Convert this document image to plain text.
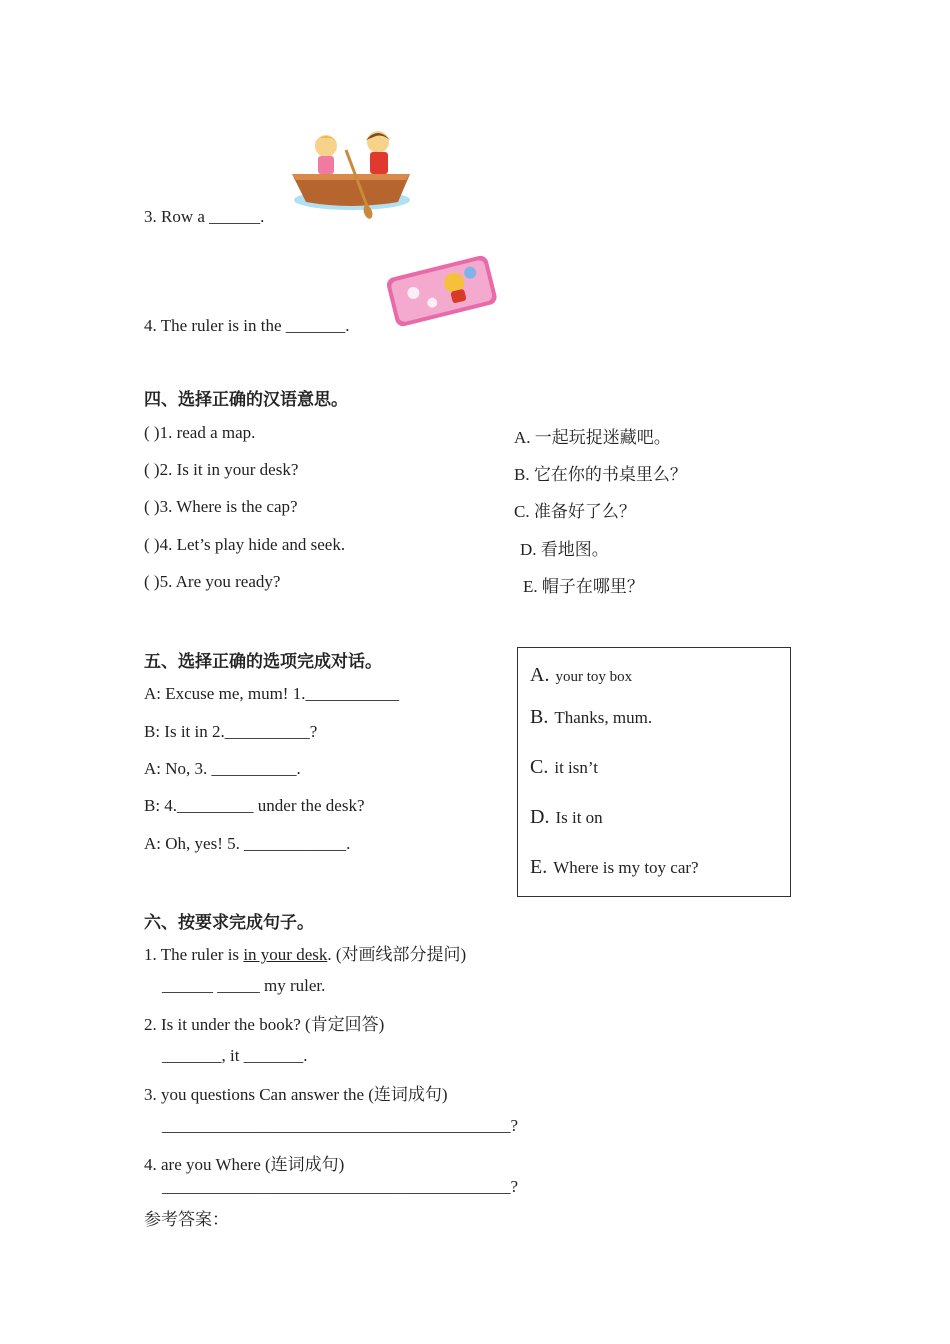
3. Row a ______.
4. The ruler is in the _______.
四、选择正确的汉语意思。
( )1. read a map.	A. 一起玩捉迷藏吧。
( )2. Is it in your desk?	B. 它在你的书桌里么？
( )3. Where is the cap?	C. 准备好了么？
( )4. Let’s play hide and seek.	D. 看地图。
( )5. Are you ready?	E. 帽子在哪里？
五、选择正确的选项完成对话。
A: Excuse me, mum! 1.___________
B: Is it in 2.__________?
A: No, 3. __________.
B: 4._________ under the desk?
A: Oh, yes! 5. ____________.
A. your toy box
B. Thanks, mum.
C. it isn’t
D. Is it on
E. Where is my toy car?
六、按要求完成句子。
1. The ruler is in your desk. (对画线部分提问)
______ _____ my ruler.
2. Is it under the book? (肯定回答)
_______, it _______.
3. you questions Can answer the (连词成句)
_________________________________________?
4. are you Where (连词成句)
_________________________________________?
参考答案：
